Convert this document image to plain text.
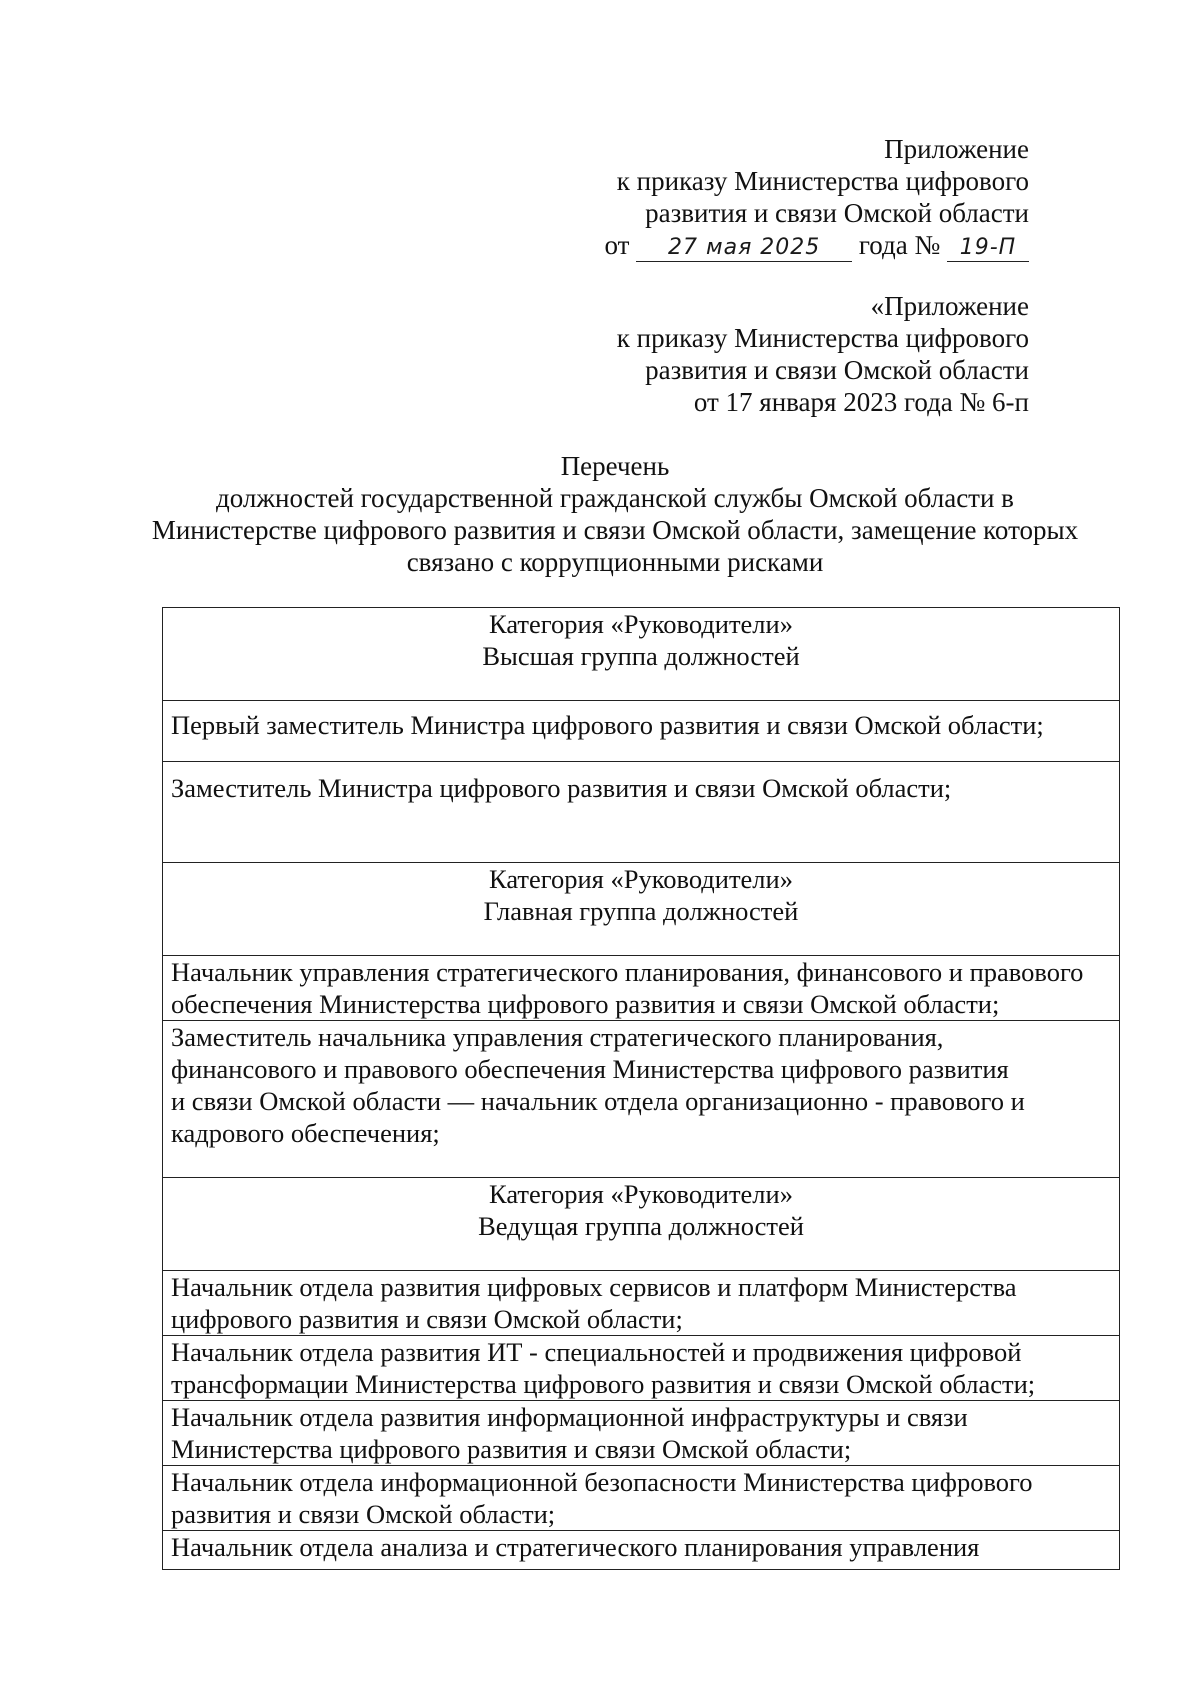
Приложение
к приказу Министерства цифрового
развития и связи Омской области
от 27 мая 2025 года № 19-П
«Приложение
к приказу Министерства цифрового
развития и связи Омской области
от 17 января 2023 года № 6-п
Перечень
должностей государственной гражданской службы Омской области в
Министерстве цифрового развития и связи Омской области, замещение которых
связано с коррупционными рисками
Категория «Руководители»
Высшая группа должностей

Первый заместитель Министра цифрового развития и связи Омской области;

Заместитель Министра цифрового развития и связи Омской области;

Категория «Руководители»
Главная группа должностей

Начальник управления стратегического планирования, финансового и правового
обеспечения Министерства цифрового развития и связи Омской области;

Заместитель начальника управления стратегического планирования,
финансового и правового обеспечения Министерства цифрового развития
и связи Омской области — начальник отдела организационно - правового и
кадрового обеспечения;

Категория «Руководители»
Ведущая группа должностей

Начальник отдела развития цифровых сервисов и платформ Министерства
цифрового развития и связи Омской области;

Начальник отдела развития ИТ - специальностей и продвижения цифровой
трансформации Министерства цифрового развития и связи Омской области;

Начальник отдела развития информационной инфраструктуры и связи
Министерства цифрового развития и связи Омской области;

Начальник отдела информационной безопасности Министерства цифрового
развития и связи Омской области;

Начальник отдела анализа и стратегического планирования управления
